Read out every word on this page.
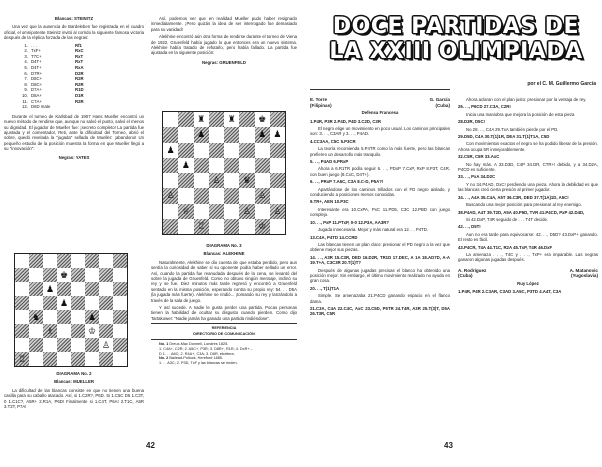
Blancas: STEINITZ

Una vez que la ausencia de Bardeleben fue registrada en el cuadro oficial, el omnipotente Steinitz invitó al corrido la siguiente famosa victoria después de la réplica forzada de las negras:

1. . . .	Rf1
2. TxF+	RxC
3. T7C+	RxT
4. D4T+	RxT
5. D4T+	RxA
6. D7R+	D2R
7. D8C+	R2R
8. D8C+	R2R
9. D7A+	R1D
10. D8A+	D1R
11. C7A+	R2R
12. D6D mate

Durante el torneo de Karlsbad de 1907 Hans Mueller encontró un nuevo método de rendirse que, aunque no salvó el punto, salvó el menos su dignidad. El jugador de Mueller fue: ¡secreto completo! La partida fue ajustada y el comentador, Reti, ante la dificultad del Torneo, abrió el sobre, quedó revelada la "jugada" sellada de Mueller: ¡abandono! Un pequeño estudio de la posición muestra la forma en que Mueller llegó a su "innovación":

Negras: YATES
♚
♟
♟
♞	♟
♗	♔
♙
♖
DIAGRAMA No. 2
Blancas: MUELLER

La dificultad de las blancas consiste en que no tienen una buena casilla para su caballo atacado. Así, si 1.C2R?, P6D. Si 1.C5C D5 1.C3T, 0 1.C1C?, A5R+ 2.R1A, P6D! Finalmente si 1.C4T, P6A! 2.T1C, A5R 3.T2T, P7A!

Así, podemos ver que en realidad Mueller pudo haber resignado inmediatamente. ¡Pero quizás la idea de ser interrogado fue demasiado para su vanidad!

Alekhine encontró aún otra forma de rendirse durante el torneo de Viena de 1922. Gruenfeld había jugado lo que entonces era un nuevo sistema. Alekhine había tratado de refutarlo, pero había fallado. La partida fue ajustada en la siguiente posición:

Negras: GRUENFELD
♜	♜	♚
♟	♟ ♟
♟
♟
♙	♛
♙	♙
♕	♙	♙
♖	♔
DIAGRAMA No. 3
Blancas: ALEKHINE

Naturalmente, Alekhine se dio cuenta de que estaba perdido, pero aun sentía la curiosidad de saber si su oponente podía haber sellado un error. Así, cuando la partida fue reanudada después de la cena, se levantó del sobre la jugada de Gruenfeld. Como no obtuvo ningún mensaje, inclinó su rey y se fue. Diez minutos más tarde regresó y encontró a Gruenfeld sentado en la misma posición, esperando contra su propio rey: 54. . . D5A (la jugada más fuerte). Alekhine se rindió... ¡tomando su rey y lanzándolo a través de la sala de juego.

Y así sucede. A nadie le gusta perder una partida. Pocas personas tienen la habilidad de ocultar su disgusto cuando pierden. Como dijo Tartakower: "Nadie jamás ha ganado una partida rindiéndose".

REFERENCIA
DIRECTORIO DE COMUNICACIÓN

No. 1 Dreux-Mac Donnell, Londres 1825.

1. C4A+, C2R; 2. A5C+, P3R; 3. D8R+, R1R; 4. DxR+...

D 1. . . A6C; 2. R4A+, C3A; 3. D6R, etcétera.

No. 2 Bailead-Pollock, Hereford 1885.

1. . . A3C; 2. P3D, TxF y las blancas se rinden.

42
DOCE PARTIDAS DE
LA XXIII OLIMPIADA
por el C. M. Guillermo García
E. Torre	G. García
(Filipinas)	(Cuba)
Defensa Francesa

1.P4R, P3R 2.P4D, P4D 3.C2D, C3R

El negro elige un movimiento en poco usual. Los caminos principales son: 3. . ., C3AR y 3. . ., P4AD.

4.CC3AA, C5C 5.P3CR

La teoría recomienda 5.P4TR como la más fuerte, pero las blancas prefieren un desarrollo más tranquilo.

5. . ., P4AD 6.PRxP

Ahora a 6.R1TR podía seguir 6. . ., PDxP 7.CxP, RxP 8.P3T, C4R, con buen juego (8.CxC, D4T+).

6. . ., PRxP 7.A6C, C3A 8.C-D, P5A?!

Apartándose de los caminos trillados con el FD negro aislado, y conduciendo a posiciones menos conocidas.

9.TR+, AEN 10.P3C

Interesante era 10.CxPA, PxC 11.PD5, C3C 12.PBD con juego complejo.

10. . ., PxP 11.PTxP, 0-0 12.P3A, AA3R?

Jugada innecesaria. Mejor y más natural era 12. . . P4TD.

13.C4A, P4TD 14.CCRD

Las blancas tienen un plan claro: presionar el PD negro a la vez que obtiene mejor sus piezas.

14. . ., A3R 15.C3R, DED 16.D2R, TR1D 17.DEC, A 1A 18.AD7D, A-A 19.T+A, C3C3R 20.T(1)T?

Después de algunas jugadas precisas el blanco ha obtenido una posición mejor. Sin embargo, el último movimiento realizado no ayuda en gran cosa.

20. . ., T(1)T1A

Simple. Se amenazaba 21.P4CD ganando espacio en el flanco dama.

21.C3A, C4A 22.C4C, AxC 23.C5D, P5TR 24.T4R, A3R 25.T(3)T, D5A 26.T3R, C5R

Ahora aclaran con el plan justo: presionar por la ventaja de rey.

26. . ., P6CD 27.C3A, C2R!

Inicia una maniobra que mejora la posición de esta pieza

28.D3R, D5C!

No 28. . ., C4A 29.TxA también pierde por el PD.

29.D5D, C4A 30.T(1)1R, DEA 31.T(1)T1A, C5D

Con movimientos exactos el negro se ha podido liberar de la presión. Ahora ocupa 5R inmejorablemente.

32.C5R, C5R 33.AxC

No hay más. A 33.D3D, C4P 34.DR, CTR+! debido, y a 34.D2A, P4CD es suficiente.

33. . ., PxA 34.D2C

Y no 34.P4AD, DxC! perdiendo una pieza. Ahora la debilidad es que las blancas creó cierta presión al primer jugador.

34. . ., A4A 35.C4A, A5T 36.C3R, DED 37.T(1A)1D, A5C!

Buscando una mejor posición para presionar al rey enemigo.

38.P4AD, A4T 39.T2D, A5A 40.P5D, TVR 41.P4CD, PxP 42.D4D,

Si 42.DxP, T4R seguido de . . . T4T decide.

42. . ., D5T!

Aun no era tarde para equivocarse: 42. . ., D5D? 43.DxP+ ganando. El resto es fácil.

43.P4CR, T4A 44.T1C, R2A 45.TxP, T4R 46.DxF

La amenaza . . ., T4C y . . ., TxP+ era imparable. Las negras ganaron algunas jugadas después.

A. Rodríguez	A. Matanovic
(Cuba)	(Yugoslavia)
Ruy López

1.P4R, P4R 2.C3AR, C3AD 3.A5C, P3TD 4.A4T, C3A

43
